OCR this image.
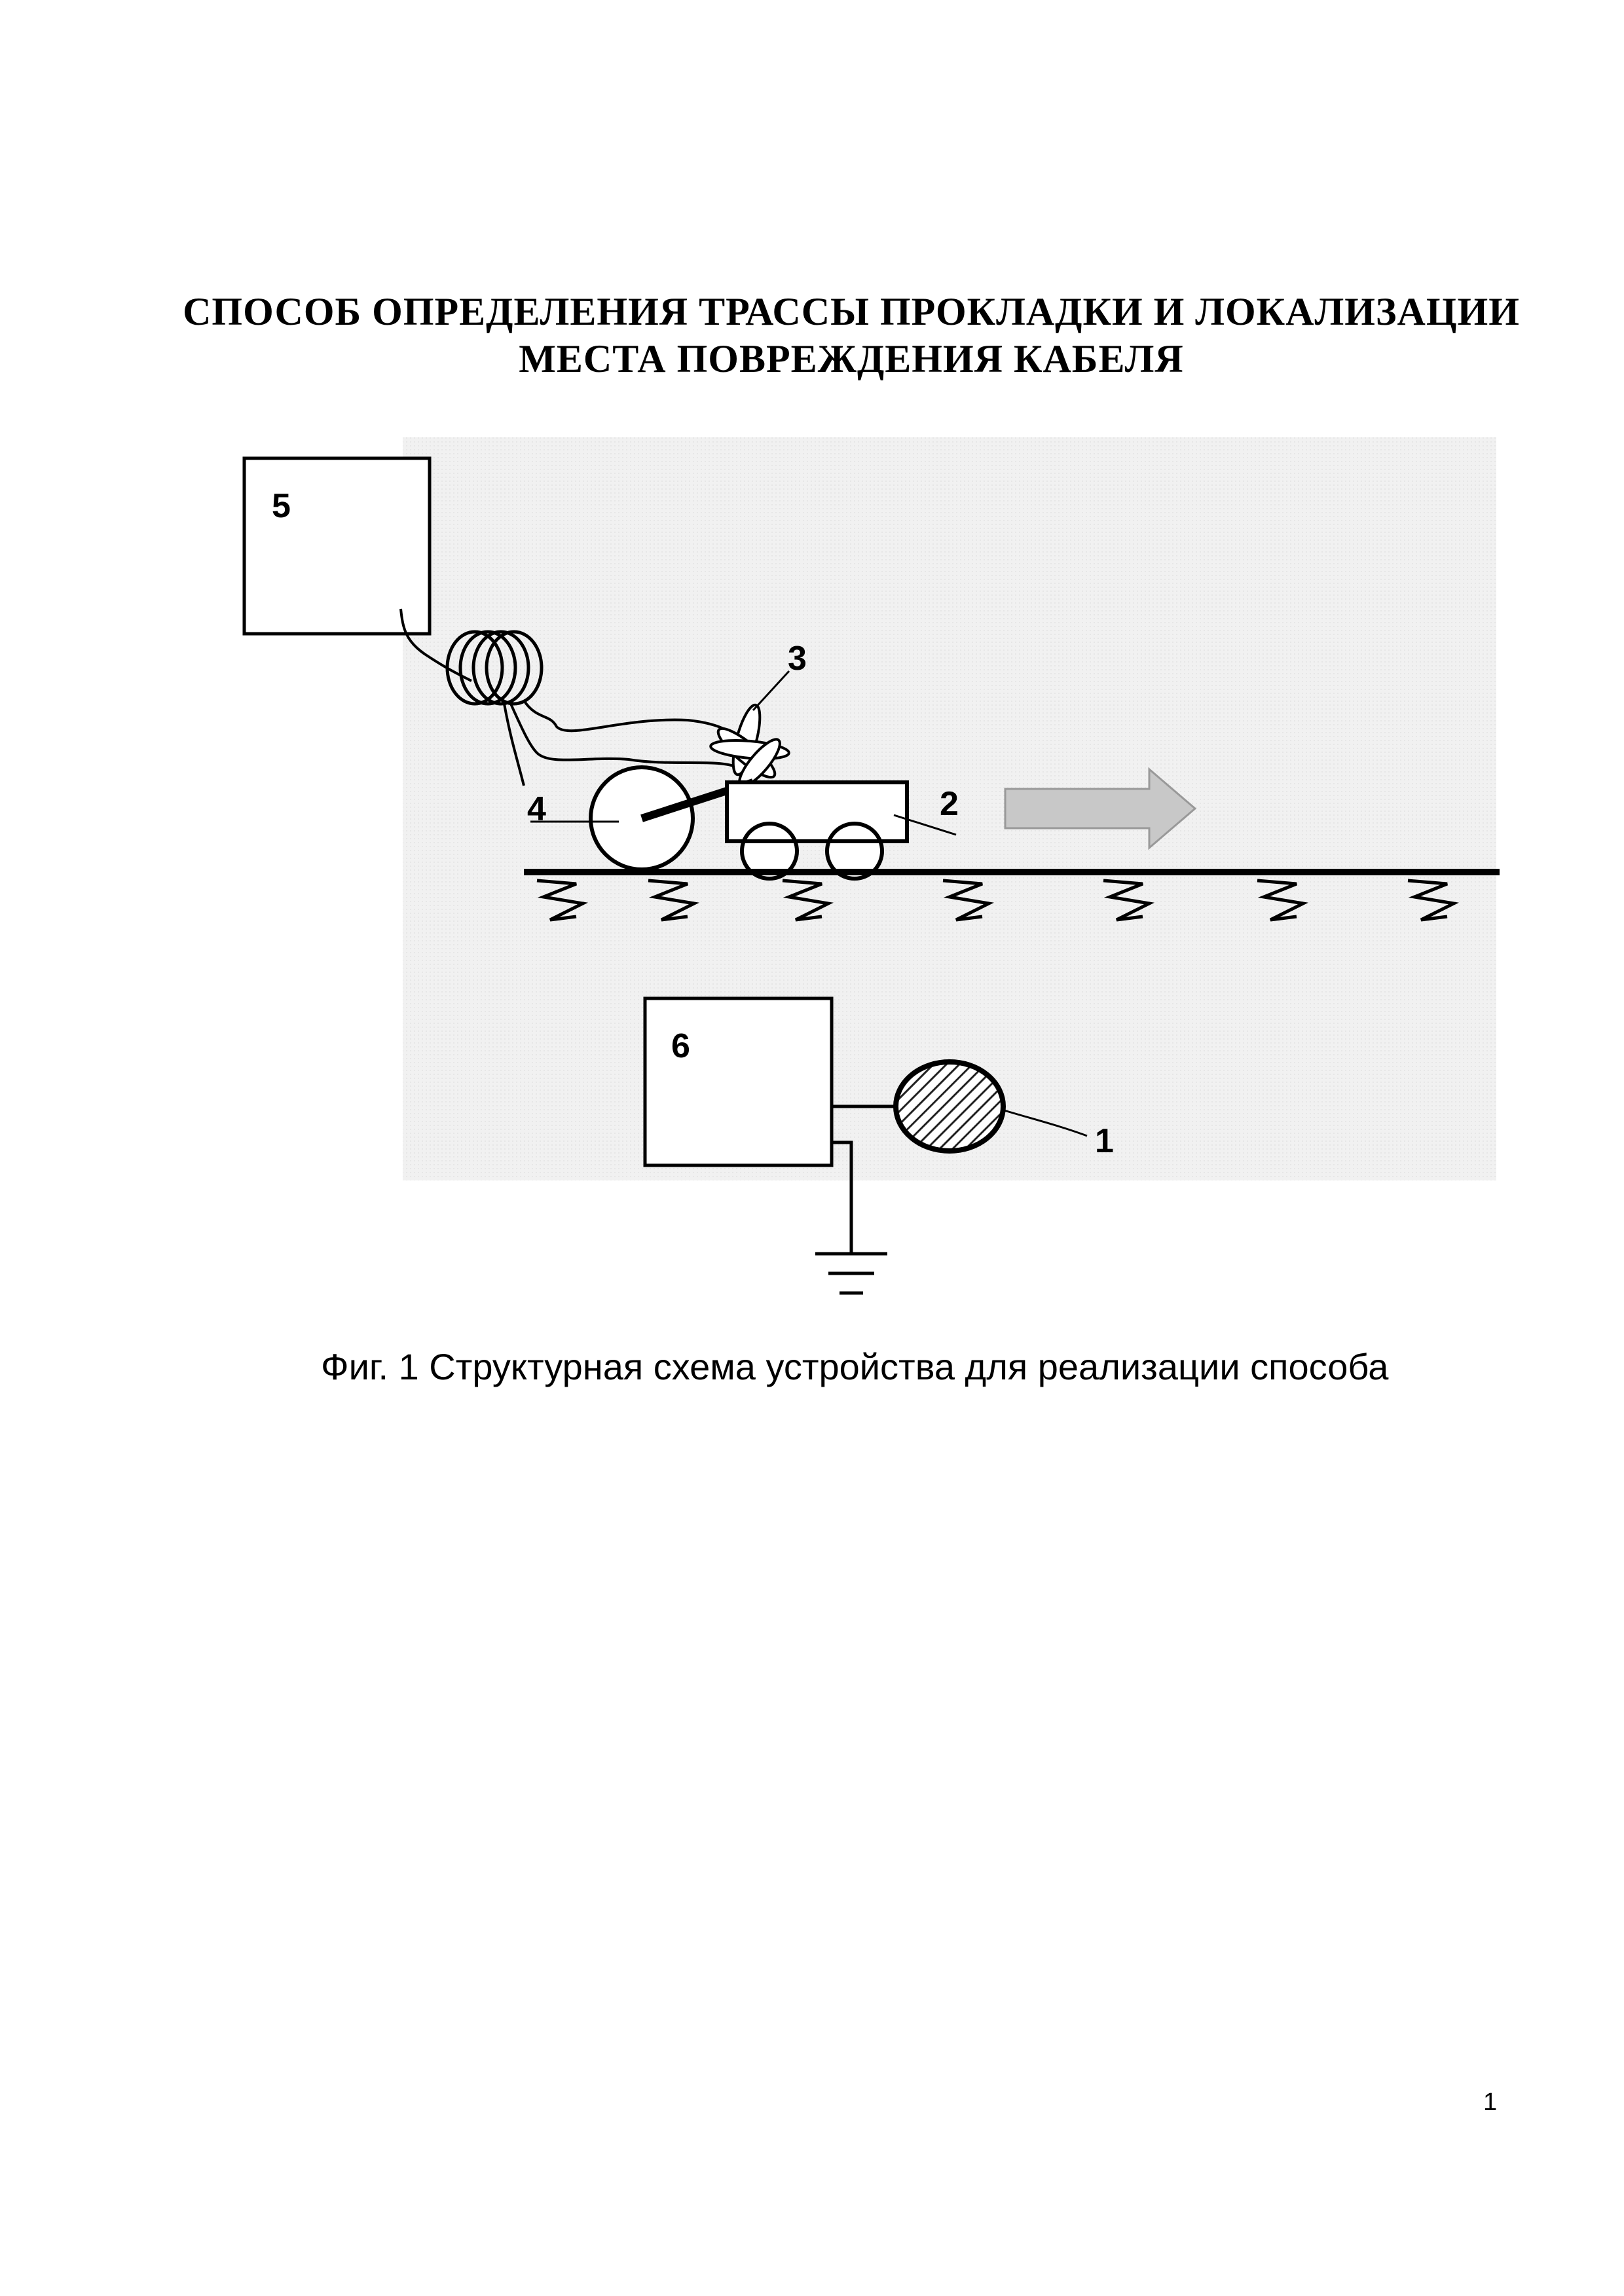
СПОСОБ ОПРЕДЕЛЕНИЯ ТРАССЫ ПРОКЛАДКИ И ЛОКАЛИЗАЦИИ
МЕСТА ПОВРЕЖДЕНИЯ КАБЕЛЯ
5
3
4	2
6
1
Фиг. 1 Структурная схема устройства для реализации способа
1
